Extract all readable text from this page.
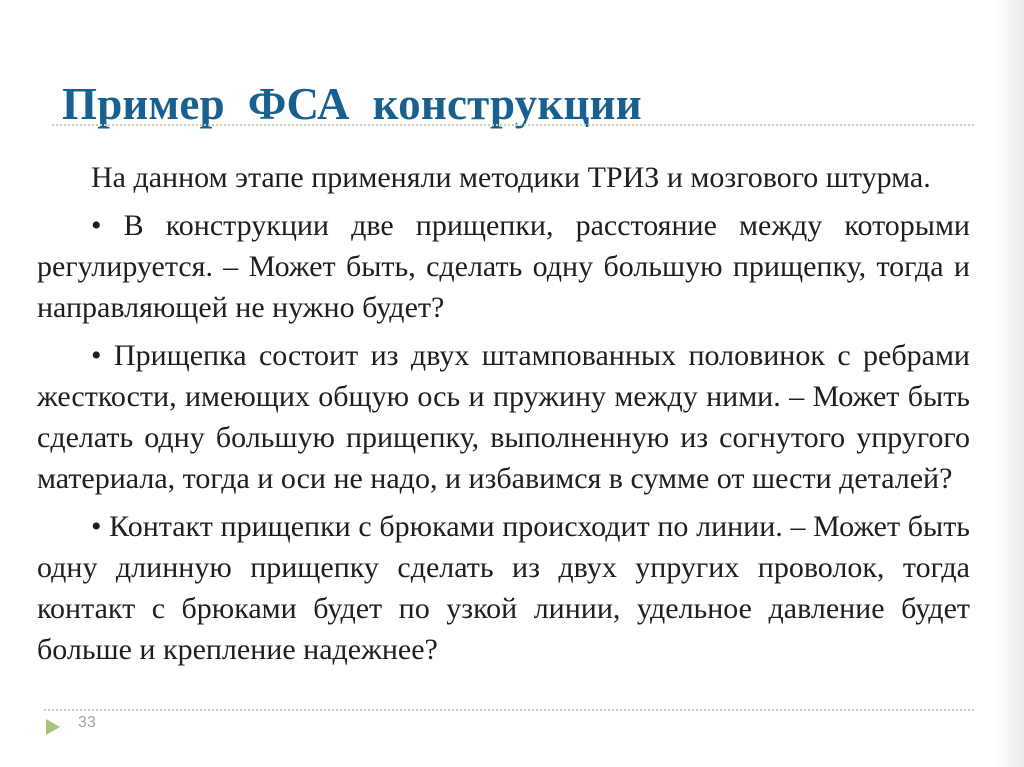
Пример  ФСА  конструкции

На данном этапе применяли методики ТРИЗ и мозгового штурма.

• В конструкции две прищепки, расстояние между которыми регулируется. – Может быть, сделать одну большую прищепку, тогда и направляющей не нужно будет?

• Прищепка состоит из двух штампованных половинок с ребрами жесткости, имеющих общую ось и пружину между ними. – Может быть сделать одну большую прищепку, выполненную из согнутого упругого материала, тогда и оси не надо, и избавимся в сумме от шести деталей?

• Контакт прищепки с брюками происходит по линии. – Может быть одну длинную прищепку сделать из двух упругих проволок, тогда контакт с брюками будет по узкой линии, удельное давление будет больше и крепление надежнее?

33
